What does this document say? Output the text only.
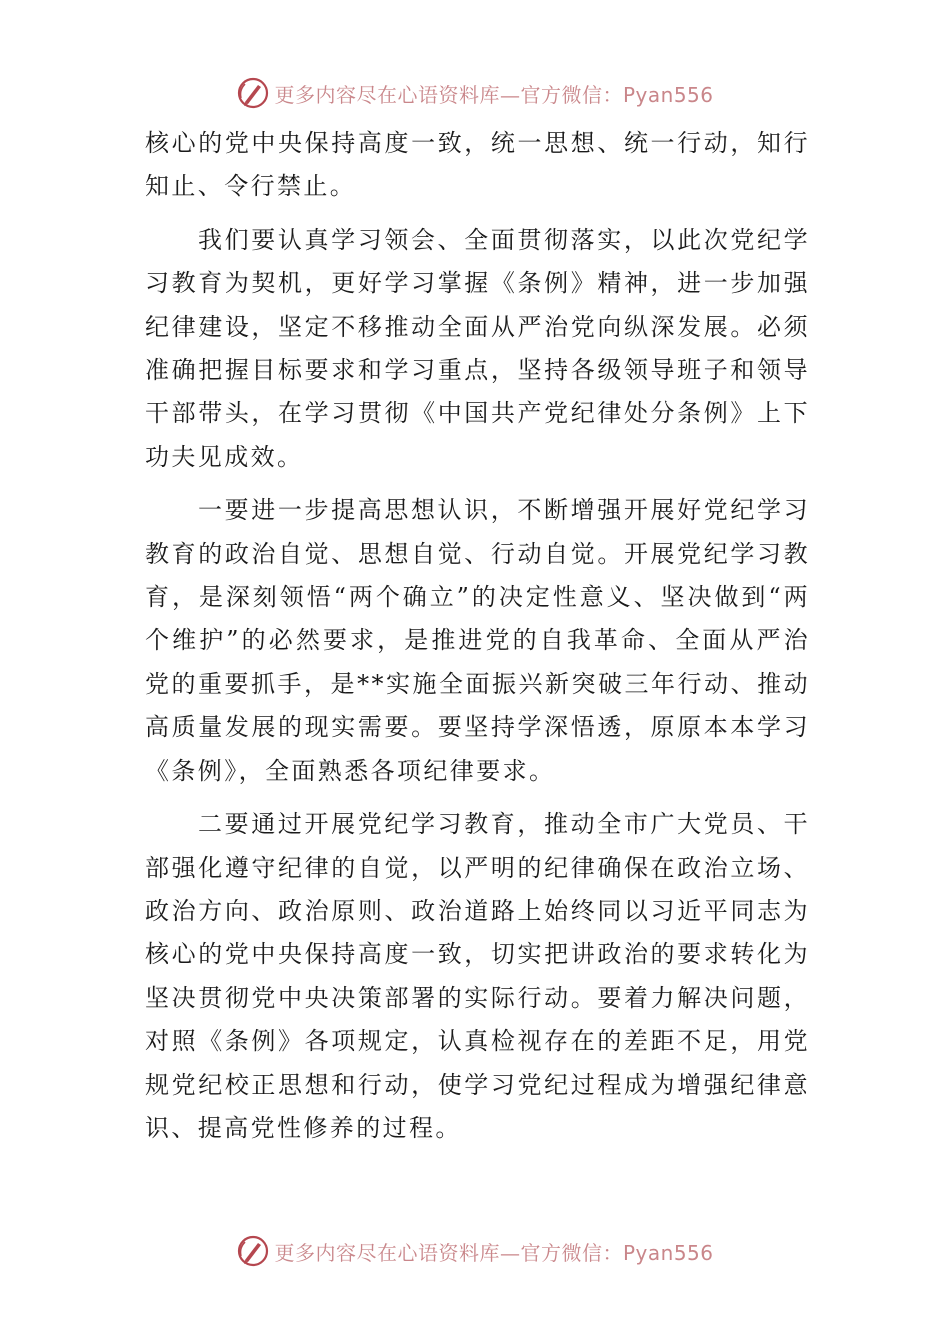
更多内容尽在心语资料库—官方微信：Pyan556

核心的党中央保持高度一致，统一思想、统一行动，知行知止、令行禁止。

我们要认真学习领会、全面贯彻落实，以此次党纪学习教育为契机，更好学习掌握《条例》精神，进一步加强纪律建设，坚定不移推动全面从严治党向纵深发展。必须准确把握目标要求和学习重点，坚持各级领导班子和领导干部带头，在学习贯彻《中国共产党纪律处分条例》上下功夫见成效。

一要进一步提高思想认识，不断增强开展好党纪学习教育的政治自觉、思想自觉、行动自觉。开展党纪学习教育，是深刻领悟“两个确立”的决定性意义、坚决做到“两个维护”的必然要求，是推进党的自我革命、全面从严治党的重要抓手，是**实施全面振兴新突破三年行动、推动高质量发展的现实需要。要坚持学深悟透，原原本本学习《条例》，全面熟悉各项纪律要求。

二要通过开展党纪学习教育，推动全市广大党员、干部强化遵守纪律的自觉，以严明的纪律确保在政治立场、政治方向、政治原则、政治道路上始终同以习近平同志为核心的党中央保持高度一致，切实把讲政治的要求转化为坚决贯彻党中央决策部署的实际行动。要着力解决问题，对照《条例》各项规定，认真检视存在的差距不足，用党规党纪校正思想和行动，使学习党纪过程成为增强纪律意识、提高党性修养的过程。

更多内容尽在心语资料库—官方微信：Pyan556
